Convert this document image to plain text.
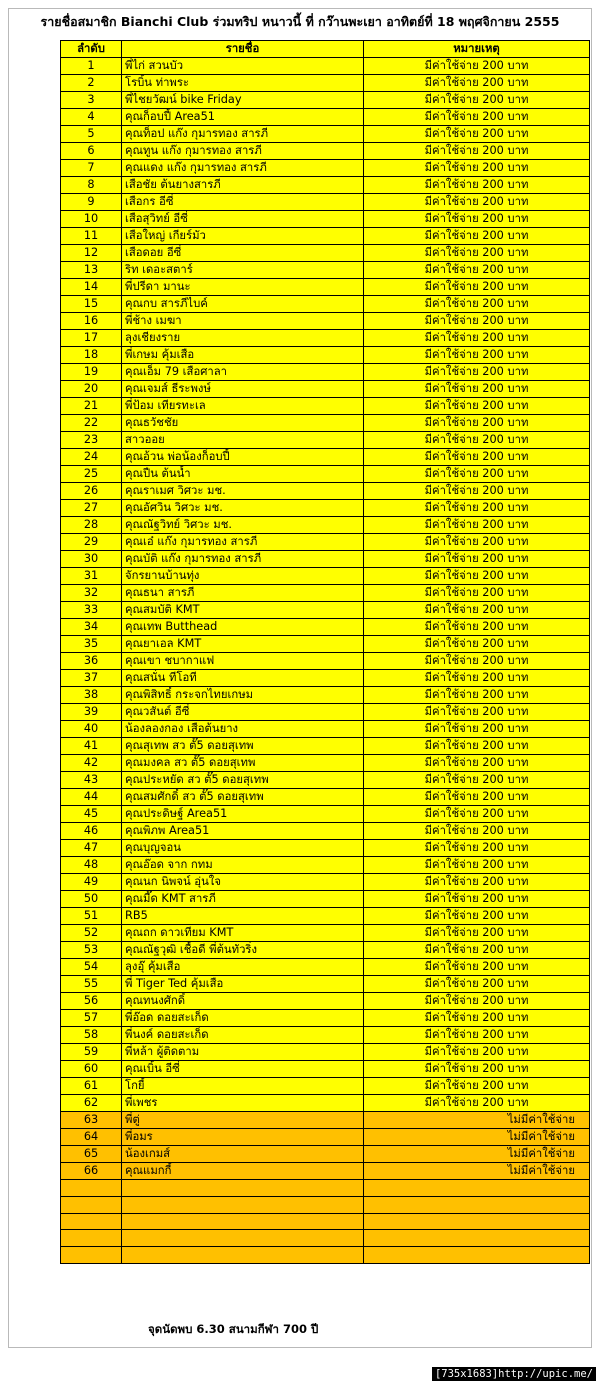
รายชื่อสมาชิก Bianchi Club ร่วมทริป หนาวนี้ ที่ กว๊านพะเยา อาทิตย์ที่ 18 พฤศจิกายน 2555
ลำดับ	รายชื่อ	หมายเหตุ
1	พี่ไก่ สวนบัว	มีค่าใช้จ่าย 200 บาท
2	โรบิ้น ท่าพระ	มีค่าใช้จ่าย 200 บาท
3	พี่ไชยวัฒน์ bike Friday	มีค่าใช้จ่าย 200 บาท
4	คุณก็อบปี้ Area51	มีค่าใช้จ่าย 200 บาท
5	คุณท็อป แก๊ง กุมารทอง สารภี	มีค่าใช้จ่าย 200 บาท
6	คุณทูน แก๊ง กุมารทอง สารภี	มีค่าใช้จ่าย 200 บาท
7	คุณแดง แก๊ง กุมารทอง สารภี	มีค่าใช้จ่าย 200 บาท
8	เสือชัย ต้นยางสารภี	มีค่าใช้จ่าย 200 บาท
9	เสือกร อีซี่	มีค่าใช้จ่าย 200 บาท
10	เสือสุวิทย์ อีซี่	มีค่าใช้จ่าย 200 บาท
11	เสือใหญ่ เกียร์มัว	มีค่าใช้จ่าย 200 บาท
12	เสือดอย อีซี่	มีค่าใช้จ่าย 200 บาท
13	ริท เดอะสตาร์	มีค่าใช้จ่าย 200 บาท
14	พี่ปรีดา มานะ	มีค่าใช้จ่าย 200 บาท
15	คุณกบ สารภีไบค์	มีค่าใช้จ่าย 200 บาท
16	พี่ช้าง เมฆา	มีค่าใช้จ่าย 200 บาท
17	ลุงเชียงราย	มีค่าใช้จ่าย 200 บาท
18	พี่เกษม คุ้มเสือ	มีค่าใช้จ่าย 200 บาท
19	คุณเอ็ม 79 เสือศาลา	มีค่าใช้จ่าย 200 บาท
20	คุณเจมส์ ธีระพงษ์	มีค่าใช้จ่าย 200 บาท
21	พี่ป้อม เทียรทะเล	มีค่าใช้จ่าย 200 บาท
22	คุณธวัชชัย	มีค่าใช้จ่าย 200 บาท
23	สาวออย	มีค่าใช้จ่าย 200 บาท
24	คุณอ้วน พ่อน้องก็อบปี้	มีค่าใช้จ่าย 200 บาท
25	คุณปืน ต้นน้ำ	มีค่าใช้จ่าย 200 บาท
26	คุณราเมศ วิศวะ มช.	มีค่าใช้จ่าย 200 บาท
27	คุณอัศวิน วิศวะ มช.	มีค่าใช้จ่าย 200 บาท
28	คุณณัฐวิทย์ วิศวะ มช.	มีค่าใช้จ่าย 200 บาท
29	คุณเอ๋ แก๊ง กุมารทอง สารภี	มีค่าใช้จ่าย 200 บาท
30	คุณบัติ แก๊ง กุมารทอง สารภี	มีค่าใช้จ่าย 200 บาท
31	จักรยานบ้านทุ่ง	มีค่าใช้จ่าย 200 บาท
32	คุณธนา สารภี	มีค่าใช้จ่าย 200 บาท
33	คุณสมบัติ KMT	มีค่าใช้จ่าย 200 บาท
34	คุณเทพ Butthead	มีค่าใช้จ่าย 200 บาท
35	คุณยาเอล KMT	มีค่าใช้จ่าย 200 บาท
36	คุณเขา ชบากาแฟ	มีค่าใช้จ่าย 200 บาท
37	คุณสนั่น ทีโอที	มีค่าใช้จ่าย 200 บาท
38	คุณพิสิทธิ์ กระจกไทยเกษม	มีค่าใช้จ่าย 200 บาท
39	คุณวสันต์ อีซี่	มีค่าใช้จ่าย 200 บาท
40	น้องลองกอง เสือต้นยาง	มีค่าใช้จ่าย 200 บาท
41	คุณสุเทพ สว ตั๊5 ดอยสุเทพ	มีค่าใช้จ่าย 200 บาท
42	คุณมงคล สว ตั๊5 ดอยสุเทพ	มีค่าใช้จ่าย 200 บาท
43	คุณประหยัด สว ตั๊5 ดอยสุเทพ	มีค่าใช้จ่าย 200 บาท
44	คุณสมศักดิ์ สว ตั๊5 ดอยสุเทพ	มีค่าใช้จ่าย 200 บาท
45	คุณประดิษฐ์ Area51	มีค่าใช้จ่าย 200 บาท
46	คุณพิภพ Area51	มีค่าใช้จ่าย 200 บาท
47	คุณบุญจอน	มีค่าใช้จ่าย 200 บาท
48	คุณอ๊อด จาก กทม	มีค่าใช้จ่าย 200 บาท
49	คุณนก นิพจน์ อุ่นใจ	มีค่าใช้จ่าย 200 บาท
50	คุณมี๊ด KMT สารภี	มีค่าใช้จ่าย 200 บาท
51	RB5	มีค่าใช้จ่าย 200 บาท
52	คุณถก ดาวเทียม KMT	มีค่าใช้จ่าย 200 บาท
53	คุณณัฐวุฒิ เชื้อดี พี่ต้นทัวริ่ง	มีค่าใช้จ่าย 200 บาท
54	ลุงอุ๊ คุ้มเสือ	มีค่าใช้จ่าย 200 บาท
55	พี่ Tiger Ted คุ้มเสือ	มีค่าใช้จ่าย 200 บาท
56	คุณทนงศักดิ์	มีค่าใช้จ่าย 200 บาท
57	พี่อ๊อด ดอยสะเก็ด	มีค่าใช้จ่าย 200 บาท
58	พี่นงค์ ดอยสะเก็ด	มีค่าใช้จ่าย 200 บาท
59	พี่หล้า ผู้ติดตาม	มีค่าใช้จ่าย 200 บาท
60	คุณเบิ้น อีซี่	มีค่าใช้จ่าย 200 บาท
61	โกยี้	มีค่าใช้จ่าย 200 บาท
62	พี่เพชร	มีค่าใช้จ่าย 200 บาท
63	พี่ตู่	ไม่มีค่าใช้จ่าย
64	พี่อมร	ไม่มีค่าใช้จ่าย
65	น้องเกมส์	ไม่มีค่าใช้จ่าย
66	คุณแมกกี้	ไม่มีค่าใช้จ่าย

จุดนัดพบ 6.30 สนามกีฬา 700 ปี
[735x1683]http://upic.me/
